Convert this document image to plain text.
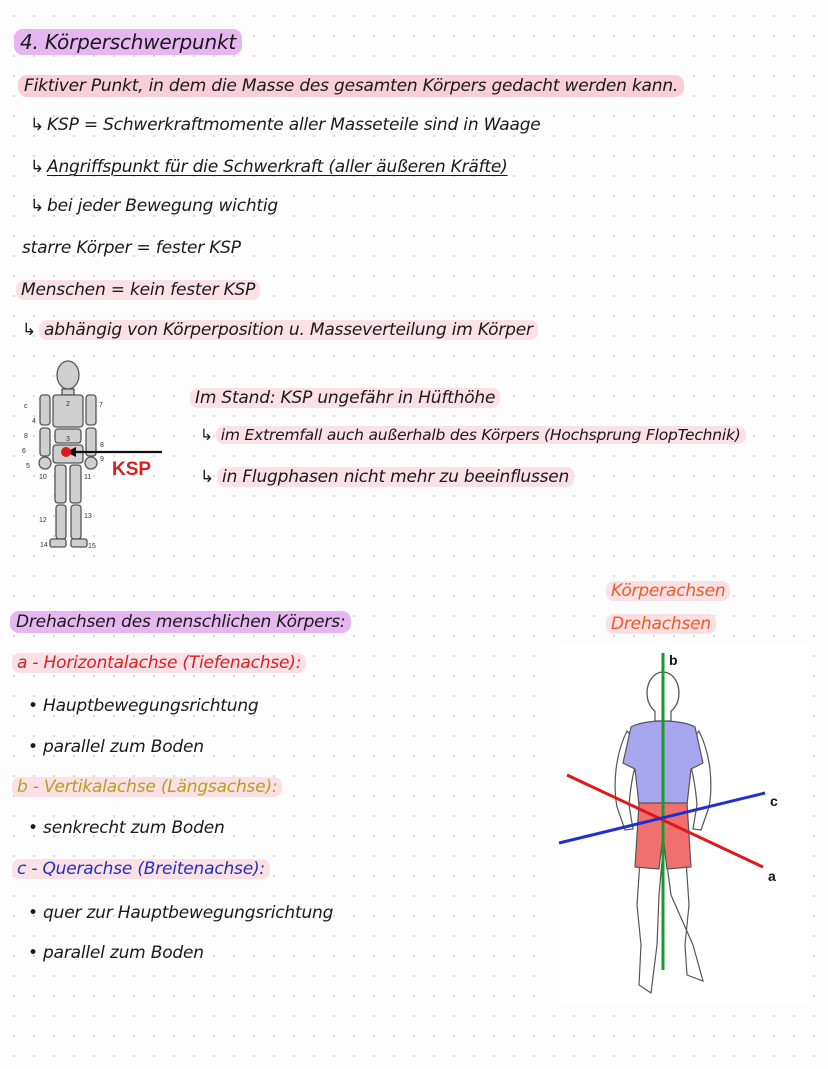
4. Körperschwerpunkt
Fiktiver Punkt, in dem die Masse des gesamten Körpers gedacht werden kann.
↳ KSP = Schwerkraftmomente aller Masseteile sind in Waage
↳ Angriffspunkt für die Schwerkraft (aller äußeren Kräfte)
↳ bei jeder Bewegung wichtig
starre Körper = fester KSP
Menschen = kein fester KSP
↳ abhängig von Körperposition u. Masseverteilung im Körper
2
3
4
5
6
7
8
9
10	11
12
13
14	15
c
8
KSP
Im Stand: KSP ungefähr in Hüfthöhe
↳ im Extremfall auch außerhalb des Körpers (Hochsprung FlopTechnik)
↳ in Flugphasen nicht mehr zu beeinflussen
Drehachsen des menschlichen Körpers:
a - Horizontalachse (Tiefenachse):
• Hauptbewegungsrichtung
• parallel zum Boden
b - Vertikalachse (Längsachse):
• senkrecht zum Boden
c - Querachse (Breitenachse):
• quer zur Hauptbewegungsrichtung
• parallel zum Boden
Körperachsen
Drehachsen
b
c
a
